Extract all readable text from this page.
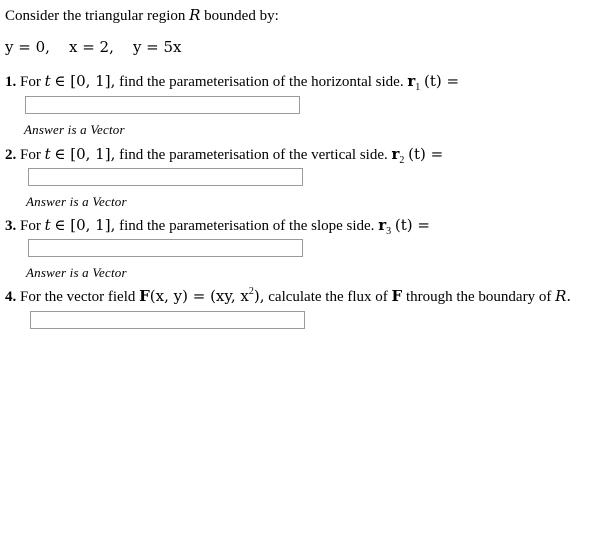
Consider the triangular region R bounded by:
y = 0, x = 2, y = 5x
1. For t ∈ [0, 1], find the parameterisation of the horizontal side. $r_1$ (t) =
Answer is a Vector
2. For t ∈ [0, 1], find the parameterisation of the vertical side. $r_2$ (t) =
Answer is a Vector
3. For t ∈ [0, 1], find the parameterisation of the slope side. $r_3$ (t) =
Answer is a Vector
4. For the vector field F(x, y) = (xy, $x^2$), calculate the flux of F through the boundary of R.
